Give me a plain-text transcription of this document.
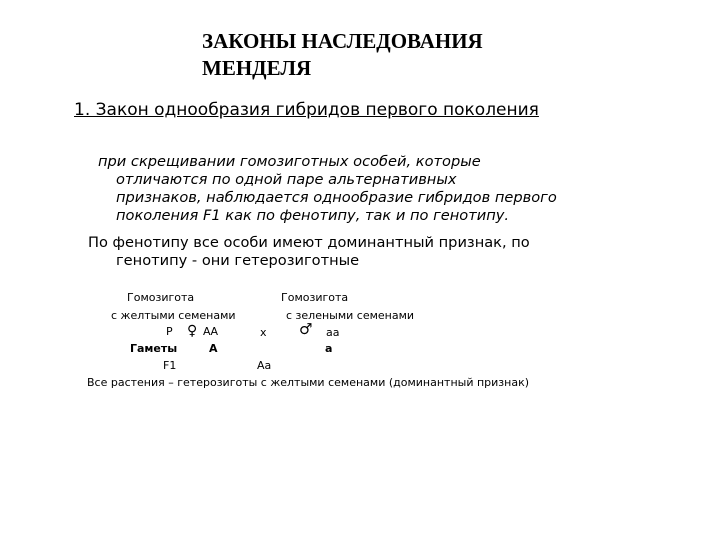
ЗАКОНЫ НАСЛЕДОВАНИЯ
МЕНДЕЛЯ
1. Закон однообразия гибридов первого поколения
при скрещивании гомозиготных особей, которые
отличаются по одной паре альтернативных
признаков, наблюдается однообразие гибридов первого
поколения F1 как по фенотипу, так и по генотипу.
По фенотипу все особи имеют доминантный признак, по
генотипу - они гетерозиготные
Гомозигота	Гомозигота
с желтыми семенами	с зелеными семенами
Р ♀ АА	х ♂ аа
Гаметы	А	а
F1	Аа
Все растения – гетерозиготы с желтыми семенами (доминантный признак)
